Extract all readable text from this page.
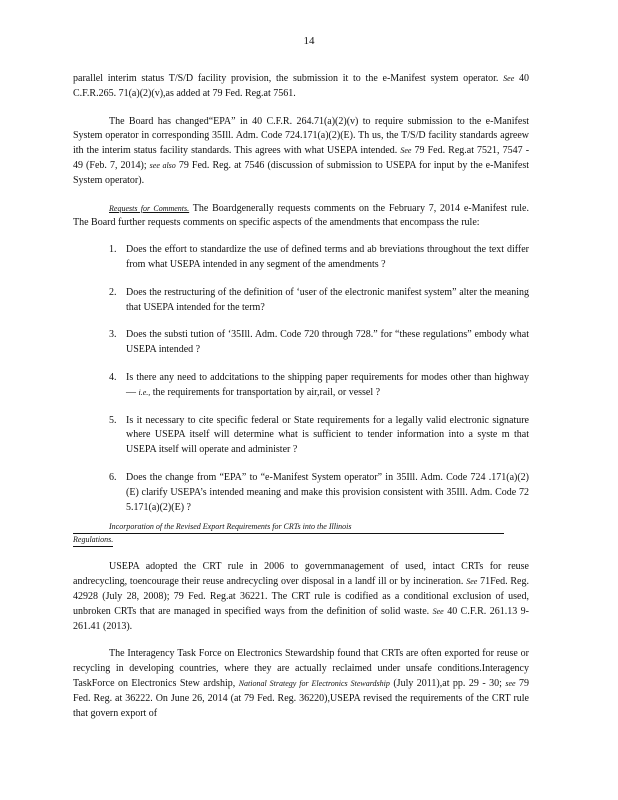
14

parallel interim status T/S/D facility provision, the submission it to the e-Manifest system operator. See 40 C.F.R.265. 71(a)(2)(v),as added at 79 Fed. Reg.at 7561.

The Board has changed“EPA” in 40 C.F.R. 264.71(a)(2)(v) to require submission to the e-Manifest System operator in corresponding 35Ill. Adm. Code 724.171(a)(2)(E). Th us, the T/S/D facility standards agreew ith the interim status facility standards. This agrees with what USEPA intended. See 79 Fed. Reg.at 7521, 7547 - 49 (Feb. 7, 2014); see also 79 Fed. Reg. at 7546 (discussion of submission to USEPA for input by the e-Manifest System operator).

Requests for Comments. The Boardgenerally requests comments on the February 7, 2014 e-Manifest rule. The Board further requests comments on specific aspects of the amendments that encompass the rule:

1. Does the effort to standardize the use of defined terms and ab breviations throughout the text differ from what USEPA intended in any segment of the amendments ?
2. Does the restructuring of the definition of ‘user of the electronic manifest system” alter the meaning that USEPA intended for the term?
3. Does the substi tution of ‘35Ill. Adm. Code 720 through 728.” for “these regulations” embody what USEPA intended ?
4. Is there any need to addcitations to the shipping paper requirements for modes other than highway — i.e., the requirements for transportation by air,rail, or vessel ?
5. Is it necessary to cite specific federal or State requirements for a legally valid electronic signature where USEPA itself will determine what is sufficient to tender information into a syste m that USEPA itself will operate and administer ?
6. Does the change from “EPA” to “e-Manifest System operator” in 35Ill. Adm. Code 724 .171(a)(2)(E) clarify USEPA’s intended meaning and make this provision consistent with 35Ill. Adm. Code 72 5.171(a)(2)(E) ?
Incorporation of the Revised Export Requirements for CRTs into the Illinois
Regulations.

USEPA adopted the CRT rule in 2006 to governmanagement of used, intact CRTs for reuse andrecycling, toencourage their reuse andrecycling over disposal in a landf ill or by incineration. See 71Fed. Reg. 42928 (July 28, 2008); 79 Fed. Reg.at 36221. The CRT rule is codified as a conditional exclusion of used, unbroken CRTs that are managed in specified ways from the definition of solid waste. See 40 C.F.R. 261.13 9- 261.41 (2013).

The Interagency Task Force on Electronics Stewardship found that CRTs are often exported for reuse or recycling in developing countries, where they are actually reclaimed under unsafe conditions.Interagency TaskForce on Electronics Stew ardship, National Strategy for Electronics Stewardship (July 2011),at pp. 29 - 30; see 79 Fed. Reg. at 36222. On June 26, 2014 (at 79 Fed. Reg. 36220),USEPA revised the requirements of the CRT rule that govern export of
